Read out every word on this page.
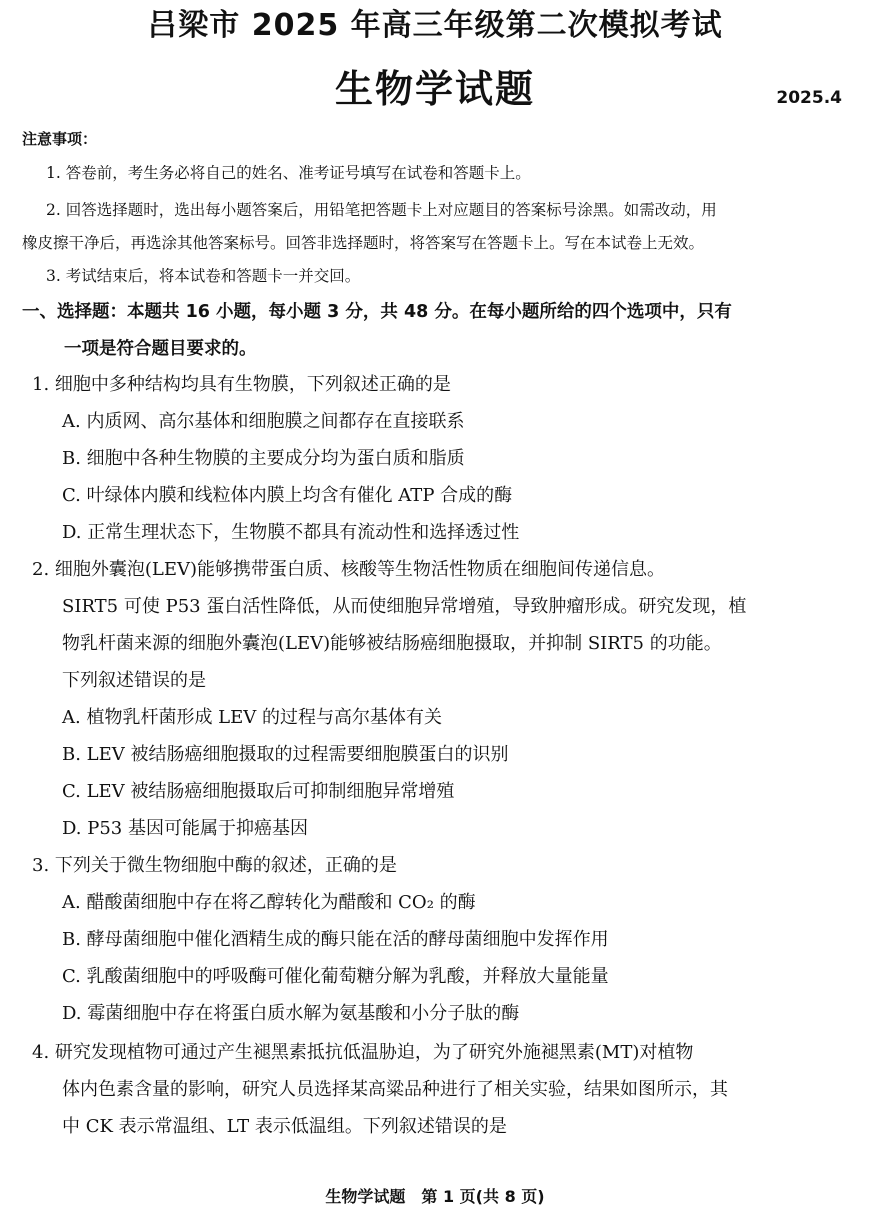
吕梁市 2025 年高三年级第二次模拟考试
生物学试题	2025.4
注意事项：
1. 答卷前，考生务必将自己的姓名、准考证号填写在试卷和答题卡上。
2. 回答选择题时，选出每小题答案后，用铅笔把答题卡上对应题目的答案标号涂黑。如需改动，用
橡皮擦干净后，再选涂其他答案标号。回答非选择题时，将答案写在答题卡上。写在本试卷上无效。
3. 考试结束后，将本试卷和答题卡一并交回。
一、选择题：本题共 16 小题，每小题 3 分，共 48 分。在每小题所给的四个选项中，只有
一项是符合题目要求的。
1. 细胞中多种结构均具有生物膜，下列叙述正确的是
A. 内质网、高尔基体和细胞膜之间都存在直接联系
B. 细胞中各种生物膜的主要成分均为蛋白质和脂质
C. 叶绿体内膜和线粒体内膜上均含有催化 ATP 合成的酶
D. 正常生理状态下，生物膜不都具有流动性和选择透过性
2. 细胞外囊泡(LEV)能够携带蛋白质、核酸等生物活性物质在细胞间传递信息。
SIRT5 可使 P53 蛋白活性降低，从而使细胞异常增殖，导致肿瘤形成。研究发现，植
物乳杆菌来源的细胞外囊泡(LEV)能够被结肠癌细胞摄取，并抑制 SIRT5 的功能。
下列叙述错误的是
A. 植物乳杆菌形成 LEV 的过程与高尔基体有关
B. LEV 被结肠癌细胞摄取的过程需要细胞膜蛋白的识别
C. LEV 被结肠癌细胞摄取后可抑制细胞异常增殖
D. P53 基因可能属于抑癌基因
3. 下列关于微生物细胞中酶的叙述，正确的是
A. 醋酸菌细胞中存在将乙醇转化为醋酸和 CO₂ 的酶
B. 酵母菌细胞中催化酒精生成的酶只能在活的酵母菌细胞中发挥作用
C. 乳酸菌细胞中的呼吸酶可催化葡萄糖分解为乳酸，并释放大量能量
D. 霉菌细胞中存在将蛋白质水解为氨基酸和小分子肽的酶
4. 研究发现植物可通过产生褪黑素抵抗低温胁迫，为了研究外施褪黑素(MT)对植物
体内色素含量的影响，研究人员选择某高粱品种进行了相关实验，结果如图所示，其
中 CK 表示常温组、LT 表示低温组。下列叙述错误的是
生物学试题　第 1 页(共 8 页)
